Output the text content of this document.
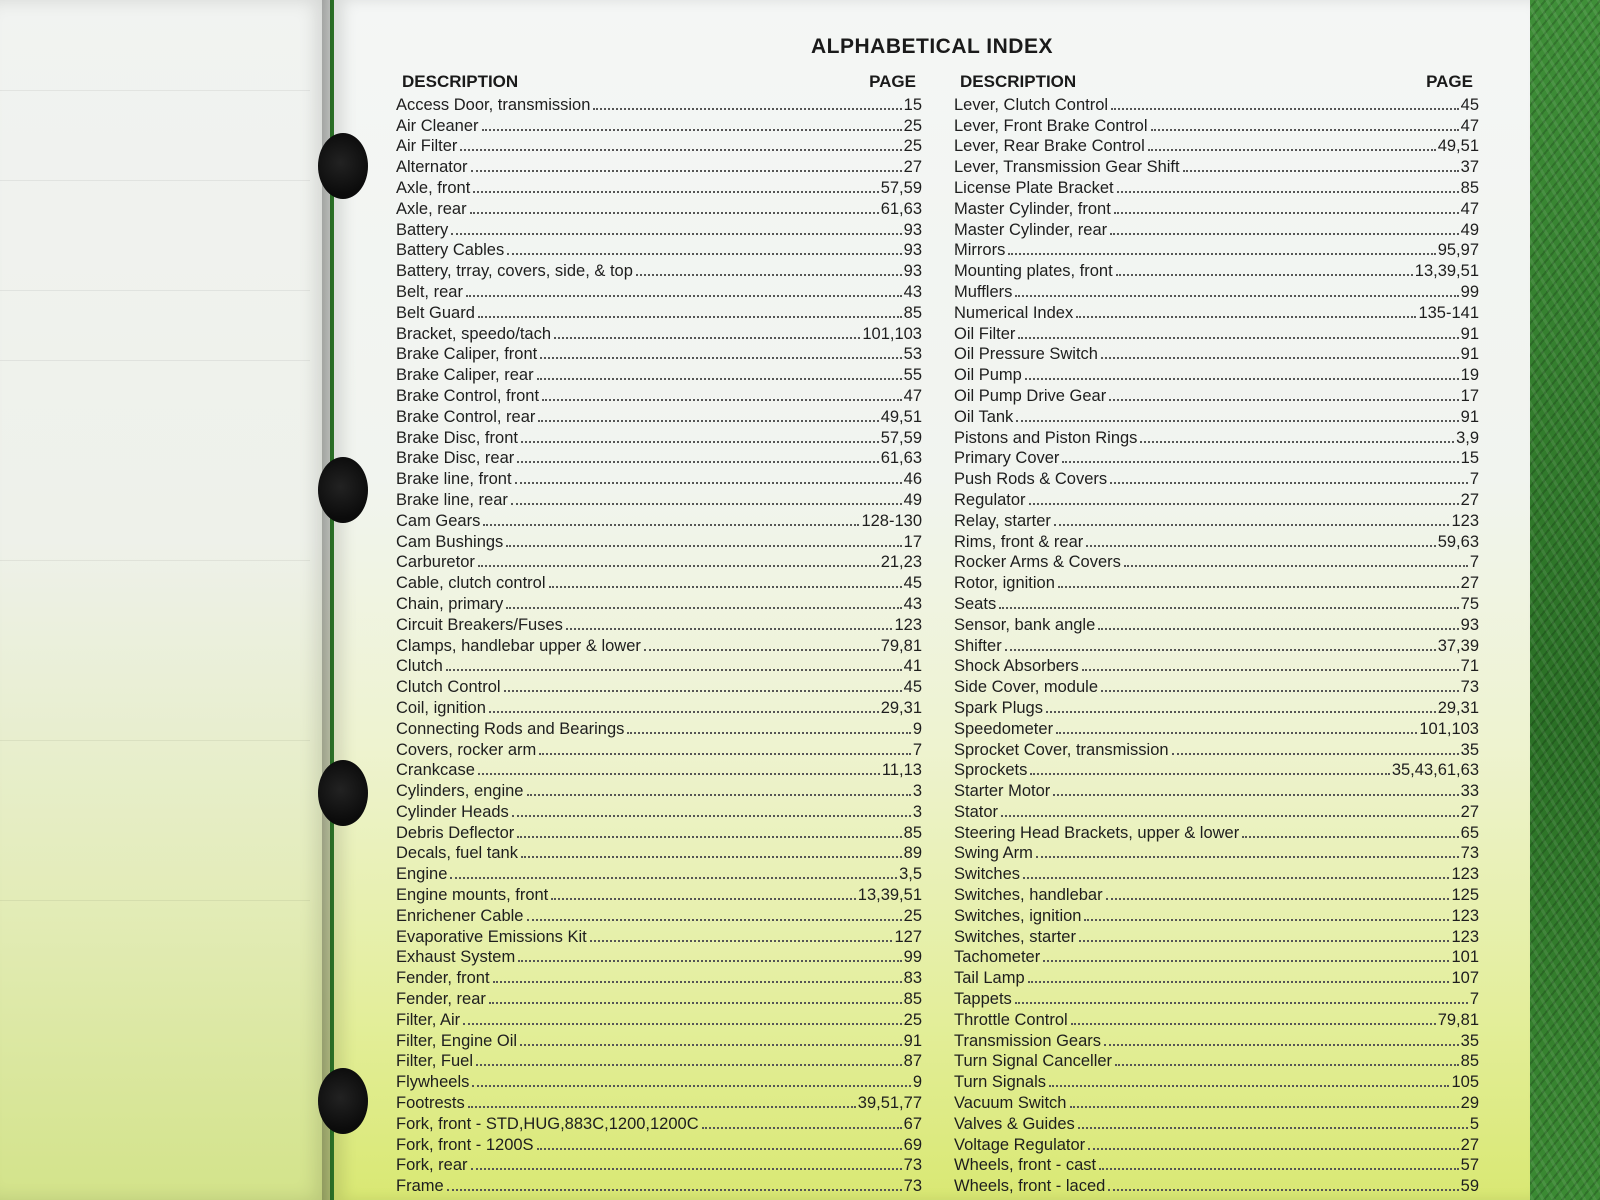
ALPHABETICAL INDEX
DESCRIPTION	PAGE
Access Door, transmission	15
Air Cleaner	25
Air Filter	25
Alternator	27
Axle, front	57,59
Axle, rear	61,63
Battery	93
Battery Cables	93
Battery, trray, covers, side, & top	93
Belt, rear	43
Belt Guard	85
Bracket, speedo/tach	101,103
Brake Caliper, front	53
Brake Caliper, rear	55
Brake Control, front	47
Brake Control, rear	49,51
Brake Disc, front	57,59
Brake Disc, rear	61,63
Brake line, front	46
Brake line, rear	49
Cam Gears	128-130
Cam Bushings	17
Carburetor	21,23
Cable, clutch control	45
Chain, primary	43
Circuit Breakers/Fuses	123
Clamps, handlebar upper & lower	79,81
Clutch	41
Clutch Control	45
Coil, ignition	29,31
Connecting Rods and Bearings	9
Covers, rocker arm	7
Crankcase	11,13
Cylinders, engine	3
Cylinder Heads	3
Debris Deflector	85
Decals, fuel tank	89
Engine	3,5
Engine mounts, front	13,39,51
Enrichener Cable	25
Evaporative Emissions Kit	127
Exhaust System	99
Fender, front	83
Fender, rear	85
Filter, Air	25
Filter, Engine Oil	91
Filter, Fuel	87
Flywheels	9
Footrests	39,51,77
Fork, front - STD,HUG,883C,1200,1200C	67
Fork, front - 1200S	69
Fork, rear	73
Frame	73
DESCRIPTION	PAGE
Lever, Clutch Control	45
Lever, Front Brake Control	47
Lever, Rear Brake Control	49,51
Lever, Transmission Gear Shift	37
License Plate Bracket	85
Master Cylinder, front	47
Master Cylinder, rear	49
Mirrors	95,97
Mounting plates, front	13,39,51
Mufflers	99
Numerical Index	135-141
Oil Filter	91
Oil Pressure Switch	91
Oil Pump	19
Oil Pump Drive Gear	17
Oil Tank	91
Pistons and Piston Rings	3,9
Primary Cover	15
Push Rods & Covers	7
Regulator	27
Relay, starter	123
Rims, front & rear	59,63
Rocker Arms & Covers	7
Rotor, ignition	27
Seats	75
Sensor, bank angle	93
Shifter	37,39
Shock Absorbers	71
Side Cover, module	73
Spark Plugs	29,31
Speedometer	101,103
Sprocket Cover, transmission	35
Sprockets	35,43,61,63
Starter Motor	33
Stator	27
Steering Head Brackets, upper & lower	65
Swing Arm	73
Switches	123
Switches, handlebar	125
Switches, ignition	123
Switches, starter	123
Tachometer	101
Tail Lamp	107
Tappets	7
Throttle Control	79,81
Transmission Gears	35
Turn Signal Canceller	85
Turn Signals	105
Vacuum Switch	29
Valves & Guides	5
Voltage Regulator	27
Wheels, front - cast	57
Wheels, front - laced	59
